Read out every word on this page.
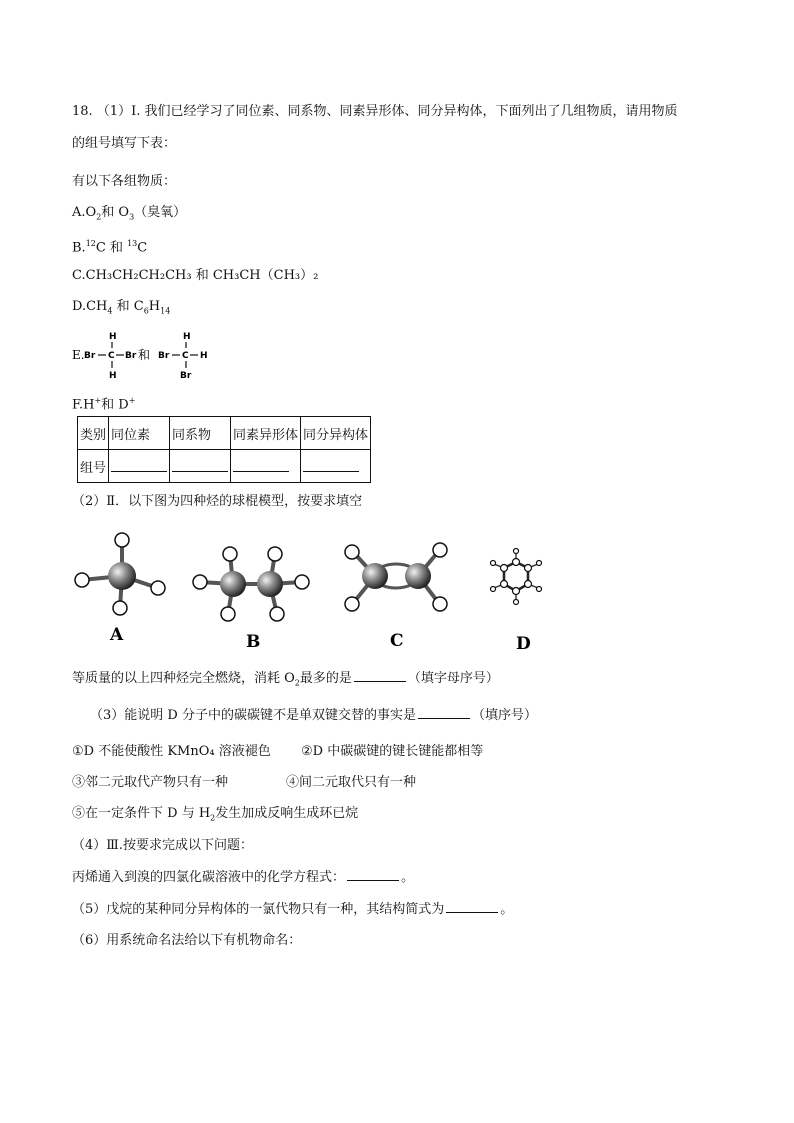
18. （1）I. 我们已经学习了同位素、同系物、同素异形体、同分异构体，下面列出了几组物质，请用物质
的组号填写下表：
有以下各组物质：
$A.O_2$和 $O_3$（臭氧）
B.$^{12}$C 和 $^{13}$C
C.CH₃CH₂CH₂CH₃ 和 CH₃CH（CH₃）₂
$D.CH_4$ 和 $C_6H_{14}$
E. Br C Br
H
H
和 Br C H
H
Br
F.H+和 D+
类别	同位素	同系物	同素异形体	同分异构体
组号				
（2）Ⅱ．以下图为四种烃的球棍模型，按要求填空
A	B	C	D
等质量的以上四种烃完全燃烧，消耗 $O_2$最多的是	（填字母序号）
（3）能说明 D 分子中的碳碳键不是单双键交替的事实是	（填序号）
①D 不能使酸性 KMnO₄ 溶液褪色 ②D 中碳碳键的键长键能都相等
③邻二元取代产物只有一种	④间二元取代只有一种
⑤在一定条件下 D 与 $H_2$发生加成反响生成环已烷
（4）Ⅲ.按要求完成以下问题：
丙烯通入到溴的四氯化碳溶液中的化学方程式：	。
（5）戊烷的某种同分异构体的一氯代物只有一种，其结构简式为	。
（6）用系统命名法给以下有机物命名：
